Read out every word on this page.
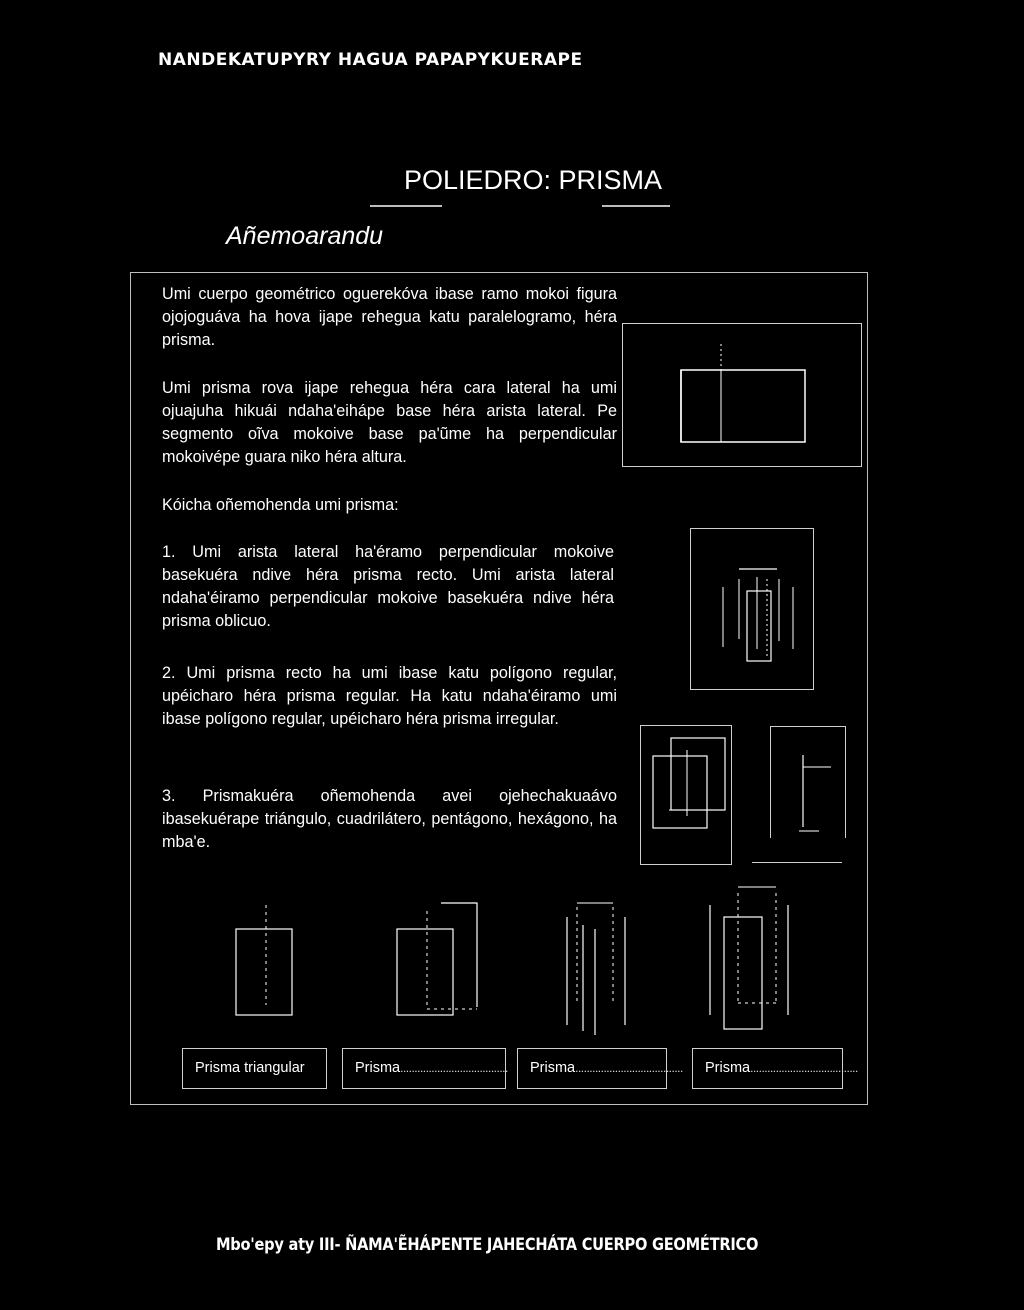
NANDEKATUPYRY HAGUA PAPAPYKUERAPE
POLIEDRO: PRISMA
Añemoarandu
Umi cuerpo geométrico oguerekóva ibase ramo mokoi figura ojojoguáva ha hova ijape rehegua katu paralelogramo, héra prisma.
Umi prisma rova ijape rehegua héra cara lateral ha umi ojuajuha hikuái ndaha'eihápe base héra arista lateral. Pe segmento oĩva mokoive base pa'ũme ha perpendicular mokoivépe guara niko héra altura.
Kóicha oñemohenda umi prisma:
1. Umi arista lateral ha'éramo perpendicular mokoive basekuéra ndive héra prisma recto. Umi arista lateral ndaha'éiramo perpendicular mokoive basekuéra ndive héra prisma oblicuo.
2. Umi prisma recto ha umi ibase katu polígono regular, upéicharo héra prisma regular. Ha katu ndaha'éiramo umi ibase polígono regular, upéicharo héra prisma irregular.
3. Prismakuéra oñemohenda avei ojehechakuaávo ibasekuérape triángulo, cuadrilátero, pentágono, hexágono, ha mba'e.
Prisma triangular	Prisma......................................	Prisma......................................	Prisma......................................
Mbo'epy aty III- ÑAMA'ẼHÁPENTE JAHECHÁTA CUERPO GEOMÉTRICO
